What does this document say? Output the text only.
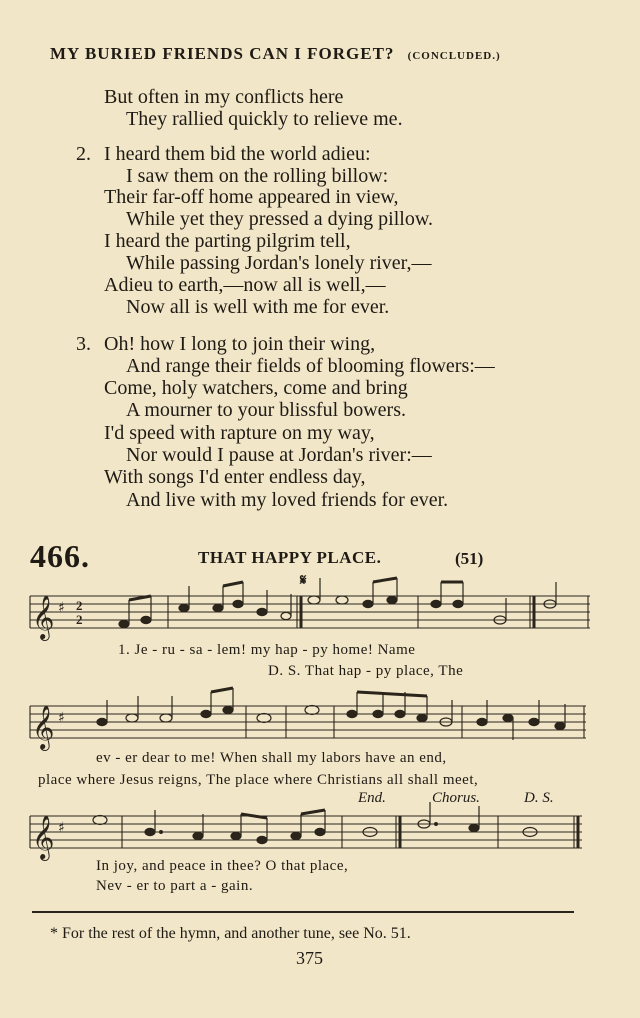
MY BURIED FRIENDS CAN I FORGET? (CONCLUDED.)
But often in my conflicts here
They rallied quickly to relieve me.
2. I heard them bid the world adieu:
I saw them on the rolling billow:
Their far-off home appeared in view,
While yet they pressed a dying pillow.
I heard the parting pilgrim tell,
While passing Jordan's lonely river,—
Adieu to earth,—now all is well,—
Now all is well with me for ever.
3. Oh! how I long to join their wing,
And range their fields of blooming flowers:—
Come, holy watchers, come and bring
A mourner to your blissful bowers.
I'd speed with rapture on my way,
Nor would I pause at Jordan's river:—
With songs I'd enter endless day,
And live with my loved friends for ever.
466.	THAT HAPPY PLACE.	(51)
𝄋
𝄞 ♯ 2
2
1. Je - ru - sa - lem! my hap - py home! Name
D. S. That hap - py place, The
𝄞 ♯
ev - er dear to me! When shall my labors have an end,
place where Jesus reigns, The place where Christians all shall meet,
End.	Chorus.	D. S.
𝄞 ♯
In joy, and peace in thee? O that place,
Nev - er to part a - gain.
* For the rest of the hymn, and another tune, see No. 51.
375
